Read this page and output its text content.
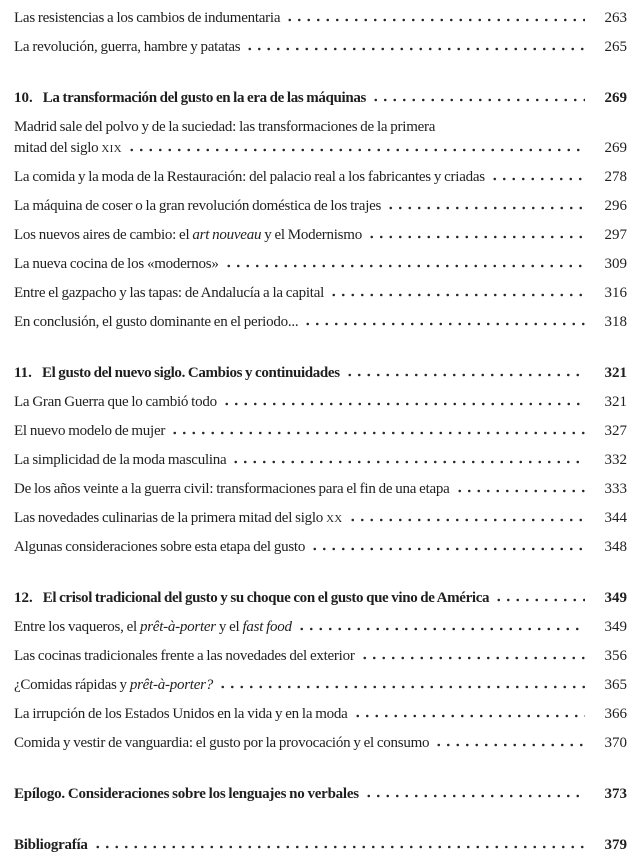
Las resistencias a los cambios de indumentaria	263
La revolución, guerra, hambre y patatas	265
10. La transformación del gusto en la era de las máquinas	269
Madrid sale del polvo y de la suciedad: las transformaciones de la primera
mitad del siglo xix	269
La comida y la moda de la Restauración: del palacio real a los fabricantes y criadas	278
La máquina de coser o la gran revolución doméstica de los trajes	296
Los nuevos aires de cambio: el art nouveau y el Modernismo	297
La nueva cocina de los «modernos»	309
Entre el gazpacho y las tapas: de Andalucía a la capital	316
En conclusión, el gusto dominante en el periodo...	318
11. El gusto del nuevo siglo. Cambios y continuidades	321
La Gran Guerra que lo cambió todo	321
El nuevo modelo de mujer	327
La simplicidad de la moda masculina	332
De los años veinte a la guerra civil: transformaciones para el fin de una etapa	333
Las novedades culinarias de la primera mitad del siglo xx	344
Algunas consideraciones sobre esta etapa del gusto	348
12. El crisol tradicional del gusto y su choque con el gusto que vino de América	349
Entre los vaqueros, el prêt-à-porter y el fast food	349
Las cocinas tradicionales frente a las novedades del exterior	356
¿Comidas rápidas y prêt-à-porter?	365
La irrupción de los Estados Unidos en la vida y en la moda	366
Comida y vestir de vanguardia: el gusto por la provocación y el consumo	370
Epílogo. Consideraciones sobre los lenguajes no verbales	373
Bibliografía	379
